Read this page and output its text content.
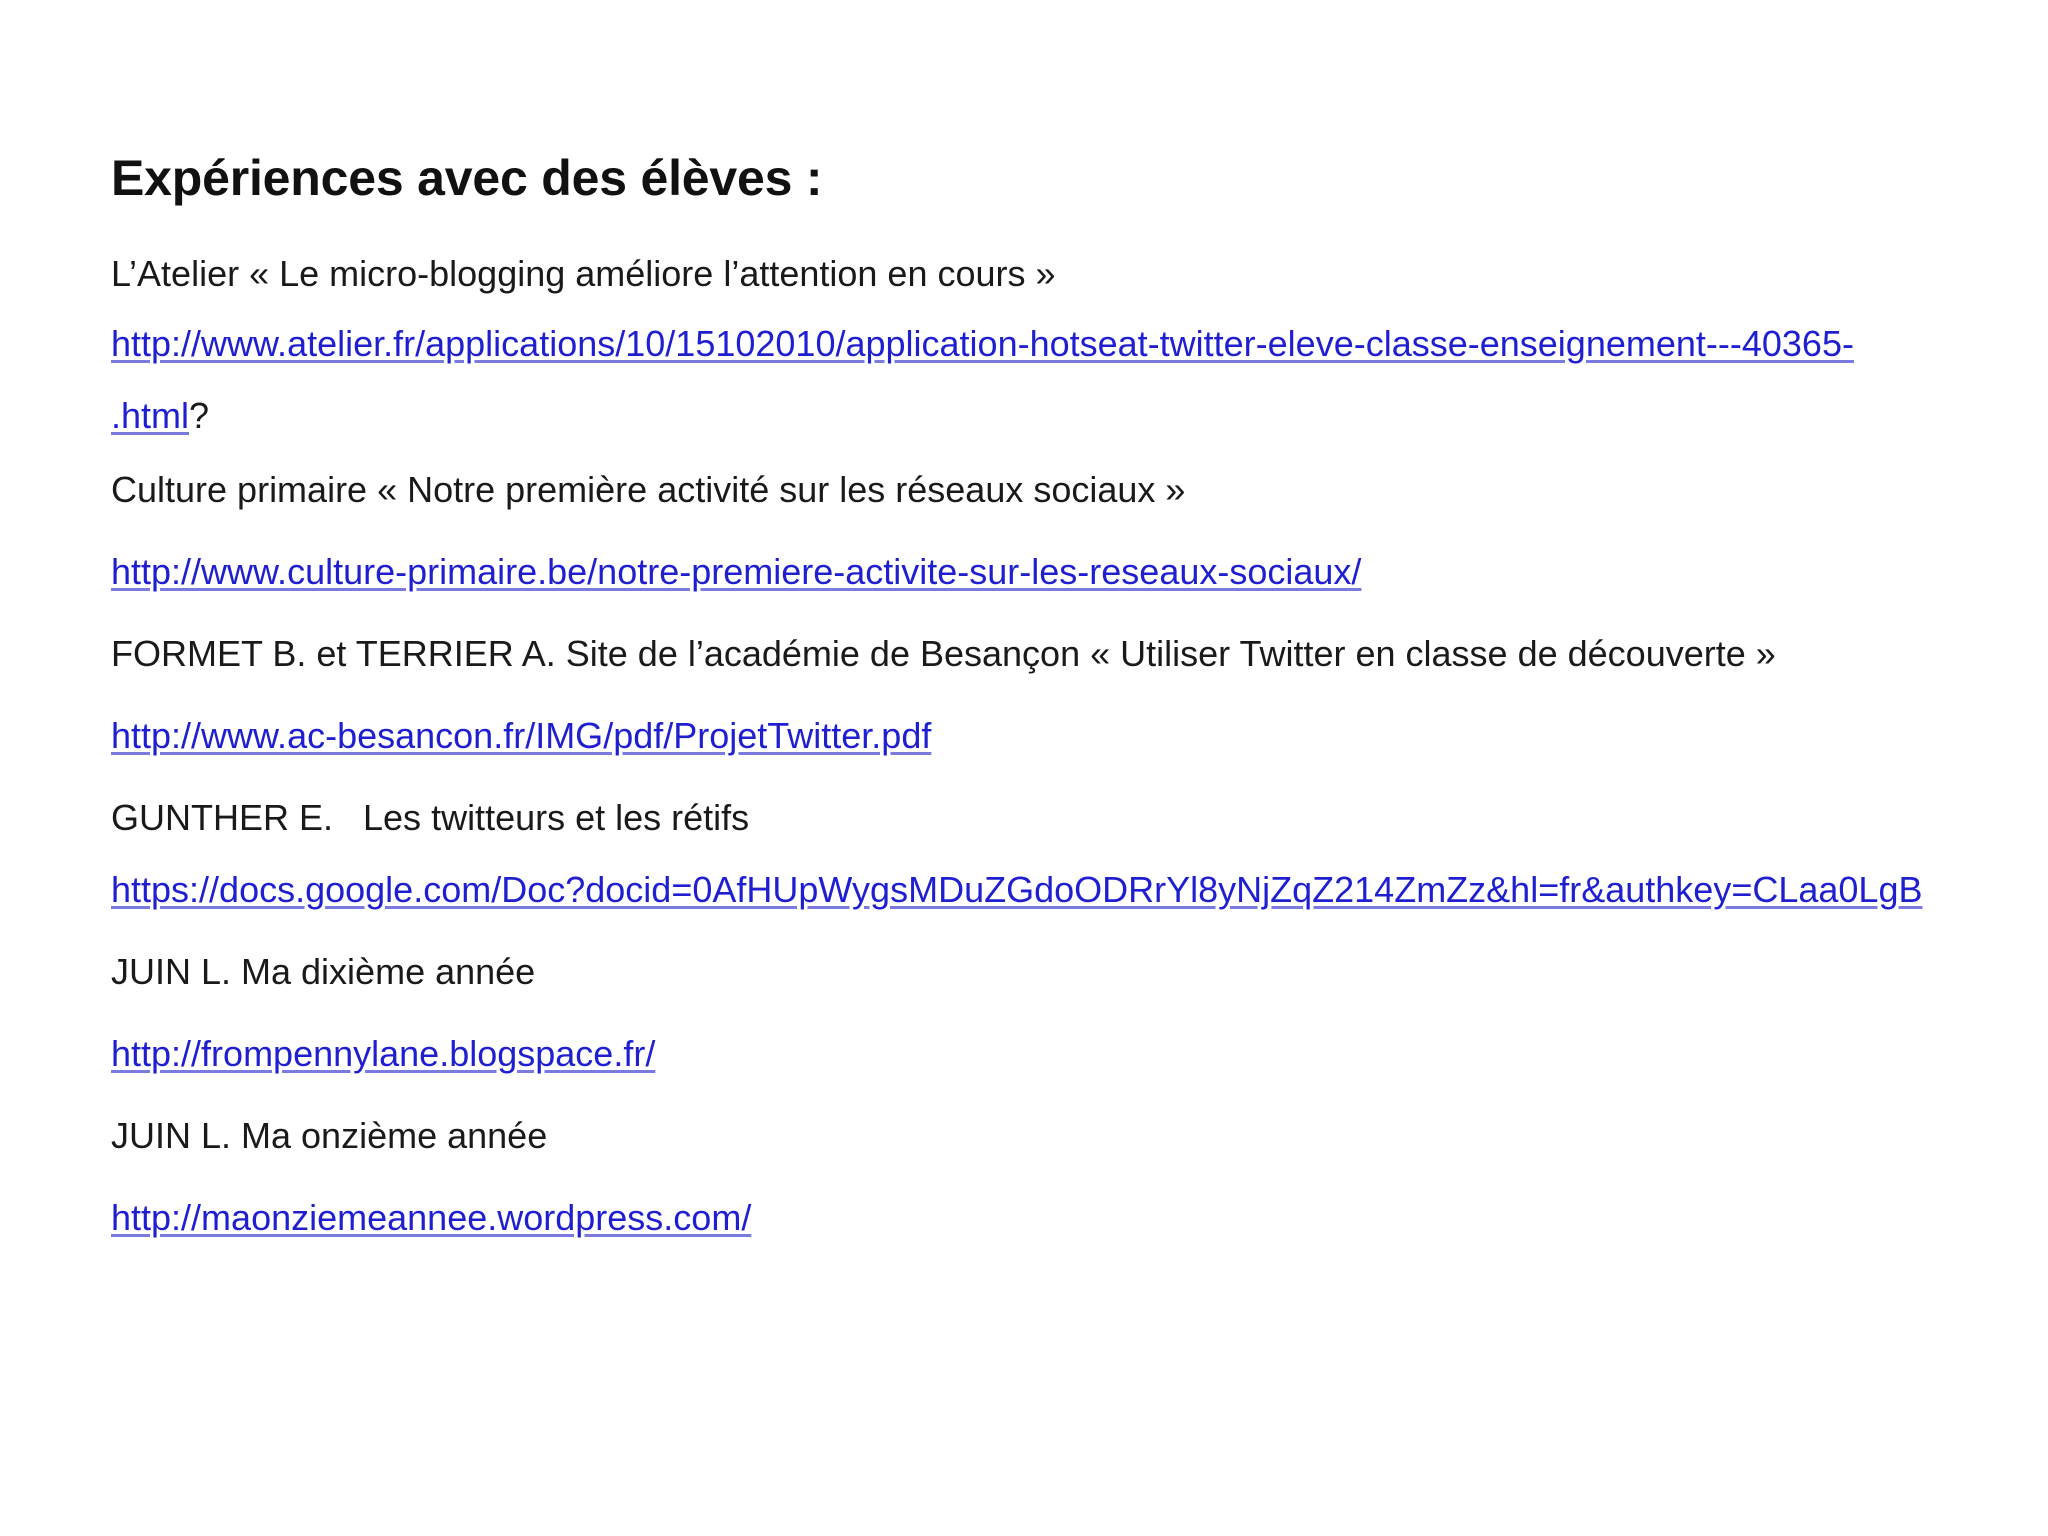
Expériences avec des élèves :
L’Atelier « Le micro-blogging améliore l’attention en cours »
http://www.atelier.fr/applications/10/15102010/application-hotseat-twitter-eleve-classe-enseignement---40365-
.html?
Culture primaire « Notre première activité sur les réseaux sociaux »
http://www.culture-primaire.be/notre-premiere-activite-sur-les-reseaux-sociaux/
FORMET B. et TERRIER A. Site de l’académie de Besançon « Utiliser Twitter en classe de découverte »
http://www.ac-besancon.fr/IMG/pdf/ProjetTwitter.pdf
GUNTHER E.   Les twitteurs et les rétifs
https://docs.google.com/Doc?docid=0AfHUpWygsMDuZGdoODRrYl8yNjZqZ214ZmZz&hl=fr&authkey=CLaa0LgB
JUIN L. Ma dixième année
http://frompennylane.blogspace.fr/
JUIN L. Ma onzième année
http://maonziemeannee.wordpress.com/
